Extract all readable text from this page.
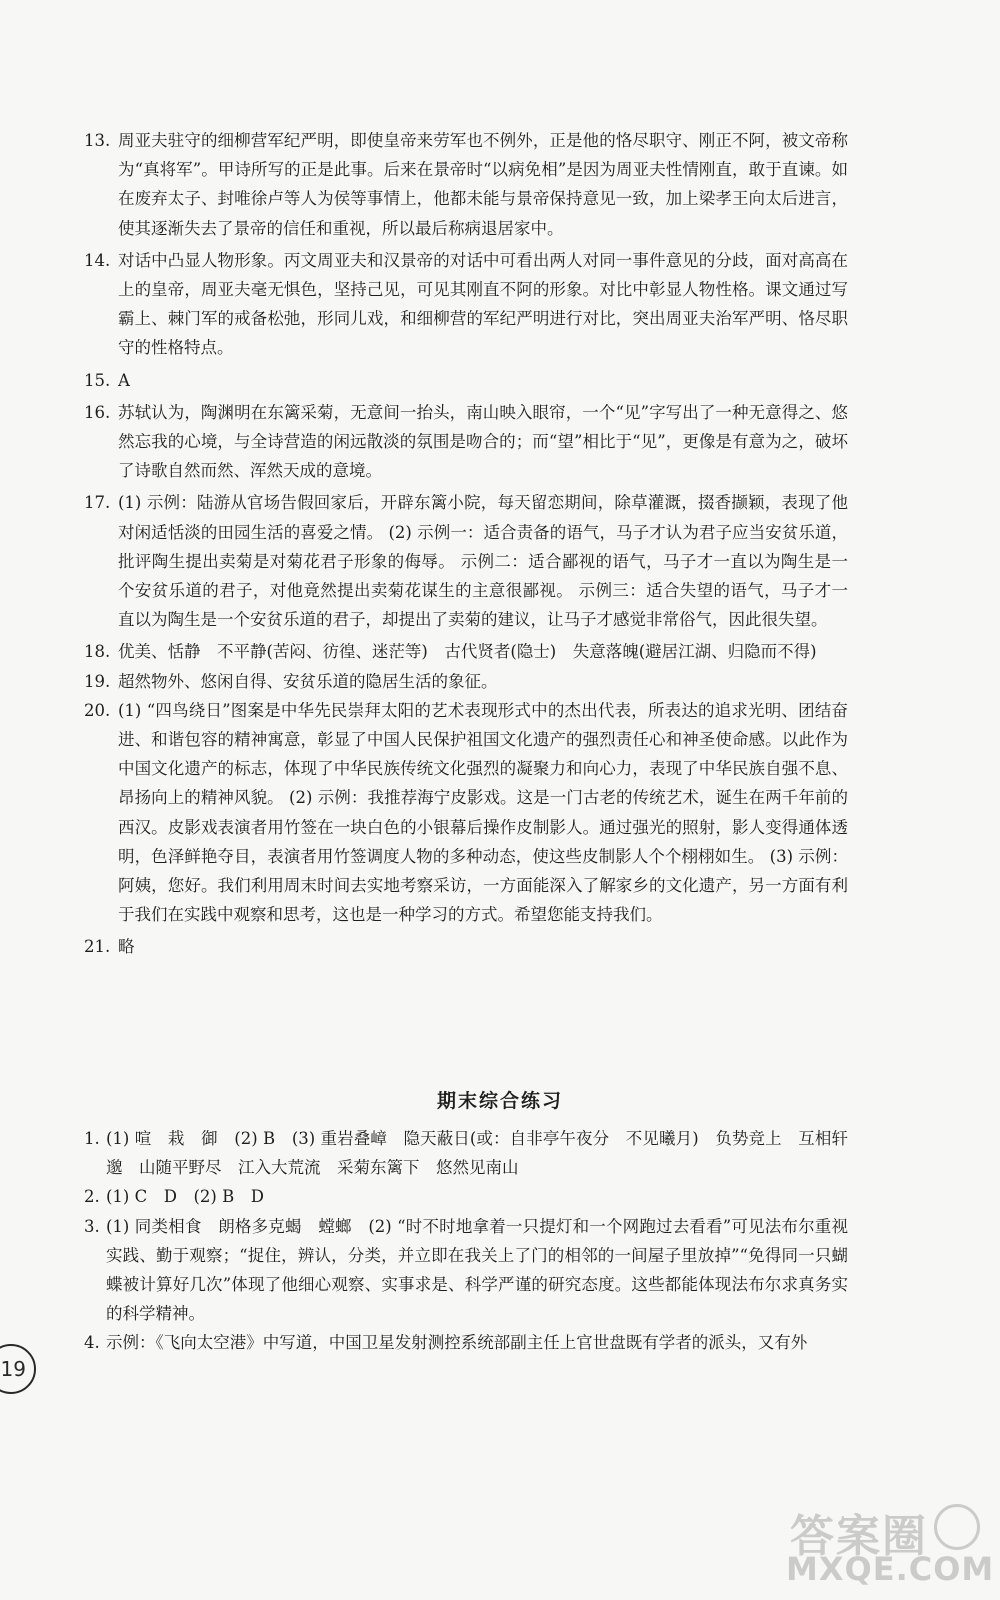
13. 周亚夫驻守的细柳营军纪严明，即使皇帝来劳军也不例外，正是他的恪尽职守、刚正不阿，被文帝称为“真将军”。甲诗所写的正是此事。后来在景帝时“以病免相”是因为周亚夫性情刚直，敢于直谏。如在废弃太子、封唯徐卢等人为侯等事情上，他都未能与景帝保持意见一致，加上梁孝王向太后进言，使其逐渐失去了景帝的信任和重视，所以最后称病退居家中。
14. 对话中凸显人物形象。丙文周亚夫和汉景帝的对话中可看出两人对同一事件意见的分歧，面对高高在上的皇帝，周亚夫毫无惧色，坚持己见，可见其刚直不阿的形象。对比中彰显人物性格。课文通过写霸上、棘门军的戒备松弛，形同儿戏，和细柳营的军纪严明进行对比，突出周亚夫治军严明、恪尽职守的性格特点。
15. A
16. 苏轼认为，陶渊明在东篱采菊，无意间一抬头，南山映入眼帘，一个“见”字写出了一种无意得之、悠然忘我的心境，与全诗营造的闲远散淡的氛围是吻合的；而“望”相比于“见”，更像是有意为之，破坏了诗歌自然而然、浑然天成的意境。
17. (1) 示例：陆游从官场告假回家后，开辟东篱小院，每天留恋期间，除草灌溉，掇香撷颖，表现了他对闲适恬淡的田园生活的喜爱之情。 (2) 示例一：适合责备的语气，马子才认为君子应当安贫乐道，批评陶生提出卖菊是对菊花君子形象的侮辱。 示例二：适合鄙视的语气，马子才一直以为陶生是一个安贫乐道的君子，对他竟然提出卖菊花谋生的主意很鄙视。 示例三：适合失望的语气，马子才一直以为陶生是一个安贫乐道的君子，却提出了卖菊的建议，让马子才感觉非常俗气，因此很失望。
18. 优美、恬静　不平静(苦闷、彷徨、迷茫等)　古代贤者(隐士)　失意落魄(避居江湖、归隐而不得)
19. 超然物外、悠闲自得、安贫乐道的隐居生活的象征。
20. (1) “四鸟绕日”图案是中华先民崇拜太阳的艺术表现形式中的杰出代表，所表达的追求光明、团结奋进、和谐包容的精神寓意，彰显了中国人民保护祖国文化遗产的强烈责任心和神圣使命感。以此作为中国文化遗产的标志，体现了中华民族传统文化强烈的凝聚力和向心力，表现了中华民族自强不息、昂扬向上的精神风貌。 (2) 示例：我推荐海宁皮影戏。这是一门古老的传统艺术，诞生在两千年前的西汉。皮影戏表演者用竹签在一块白色的小银幕后操作皮制影人。通过强光的照射，影人变得通体透明，色泽鲜艳夺目，表演者用竹签调度人物的多种动态，使这些皮制影人个个栩栩如生。 (3) 示例：阿姨，您好。我们利用周末时间去实地考察采访，一方面能深入了解家乡的文化遗产，另一方面有利于我们在实践中观察和思考，这也是一种学习的方式。希望您能支持我们。
21. 略
期末综合练习
1. (1) 喧　栽　御　(2) B　(3) 重岩叠嶂　隐天蔽日(或：自非亭午夜分　不见曦月)　负势竞上　互相轩邈　山随平野尽　江入大荒流　采菊东篱下　悠然见南山
2. (1) C　D　(2) B　D
3. (1) 同类相食　朗格多克蝎　螳螂　(2) “时不时地拿着一只提灯和一个网跑过去看看”可见法布尔重视实践、勤于观察；“捉住，辨认，分类，并立即在我关上了门的相邻的一间屋子里放掉”“免得同一只蝴蝶被计算好几次”体现了他细心观察、实事求是、科学严谨的研究态度。这些都能体现法布尔求真务实的科学精神。
4. 示例：《飞向太空港》中写道，中国卫星发射测控系统部副主任上官世盘既有学者的派头，又有外
19
答案圈
MXQE.COM
